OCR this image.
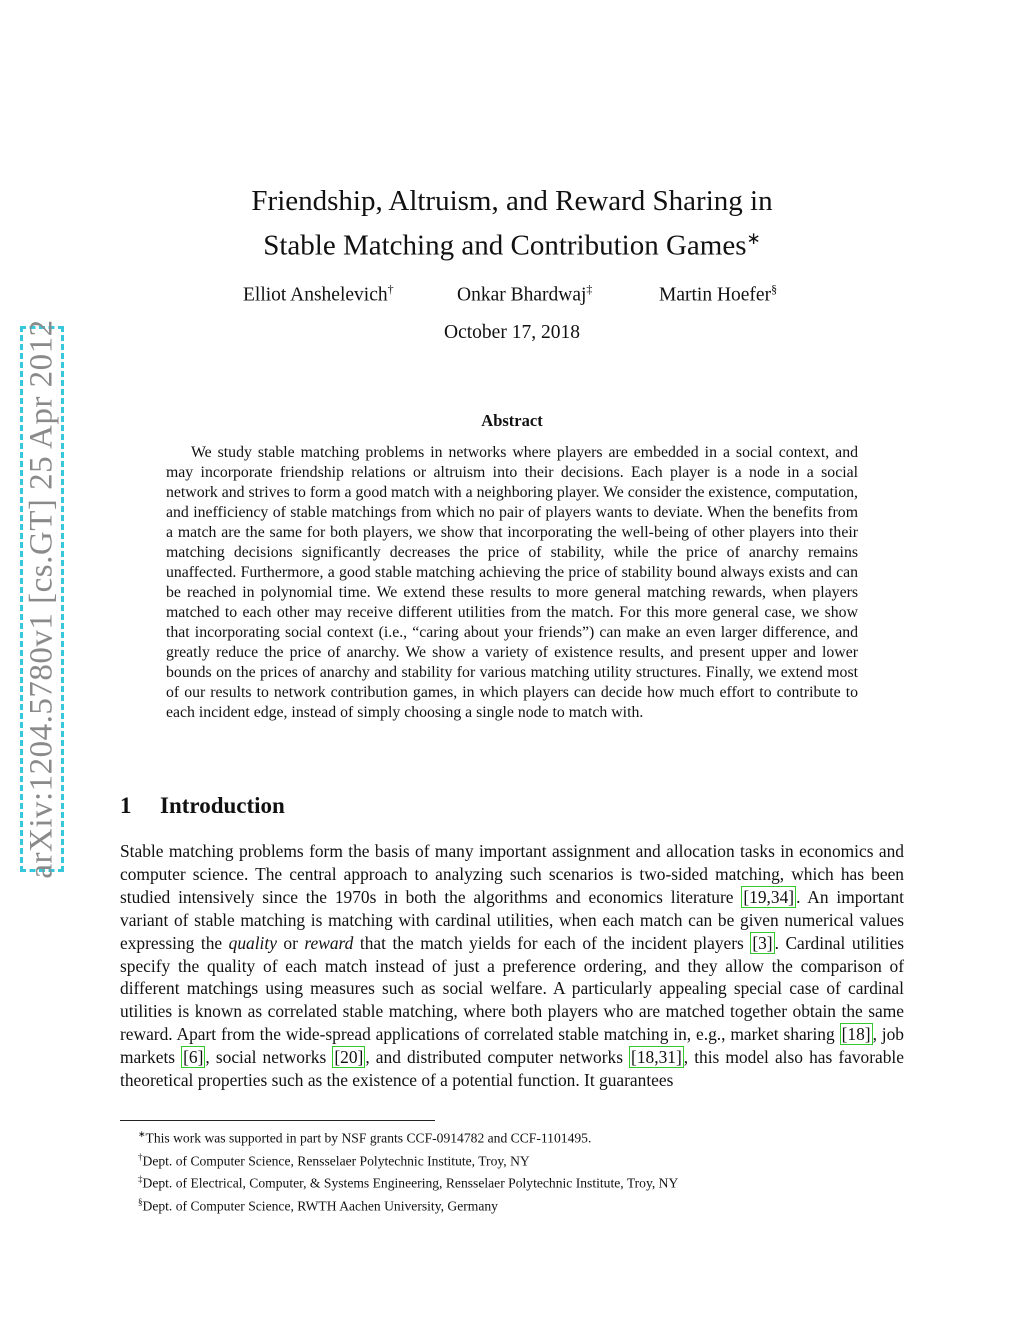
arXiv:1204.5780v1 [cs.GT] 25 Apr 2012
Friendship, Altruism, and Reward Sharing in
Stable Matching and Contribution Games∗
Elliot Anshelevich†	Onkar Bhardwaj‡	Martin Hoefer§
October 17, 2018
Abstract

We study stable matching problems in networks where players are embedded in a social context, and may incorporate friendship relations or altruism into their decisions. Each player is a node in a social network and strives to form a good match with a neighboring player. We consider the existence, computation, and inefficiency of stable matchings from which no pair of players wants to deviate. When the benefits from a match are the same for both players, we show that incorporating the well-being of other players into their matching decisions significantly decreases the price of stability, while the price of anarchy remains unaffected. Furthermore, a good stable matching achieving the price of stability bound always exists and can be reached in polynomial time. We extend these results to more general matching rewards, when players matched to each other may receive different utilities from the match. For this more general case, we show that incorporating social context (i.e., “caring about your friends”) can make an even larger difference, and greatly reduce the price of anarchy. We show a variety of existence results, and present upper and lower bounds on the prices of anarchy and stability for various matching utility structures. Finally, we extend most of our results to network contribution games, in which players can decide how much effort to contribute to each incident edge, instead of simply choosing a single node to match with.

1 Introduction

Stable matching problems form the basis of many important assignment and allocation tasks in economics and computer science. The central approach to analyzing such scenarios is two-sided matching, which has been studied intensively since the 1970s in both the algorithms and economics literature [19,34] . An important variant of stable matching is matching with cardinal utilities, when each match can be given numerical values expressing the quality or reward that the match yields for each of the incident players [3] . Cardinal utilities specify the quality of each match instead of just a preference ordering, and they allow the comparison of different matchings using measures such as social welfare. A particularly appealing special case of cardinal utilities is known as correlated stable matching, where both players who are matched together obtain the same reward. Apart from the wide-spread applications of correlated stable matching in, e.g., market sharing [18] , job markets [6] , social networks [20] , and distributed computer networks [18,31] , this model also has favorable theoretical properties such as the existence of a potential function. It guarantees

∗This work was supported in part by NSF grants CCF-0914782 and CCF-1101495.
†Dept. of Computer Science, Rensselaer Polytechnic Institute, Troy, NY
‡Dept. of Electrical, Computer, & Systems Engineering, Rensselaer Polytechnic Institute, Troy, NY
§Dept. of Computer Science, RWTH Aachen University, Germany
